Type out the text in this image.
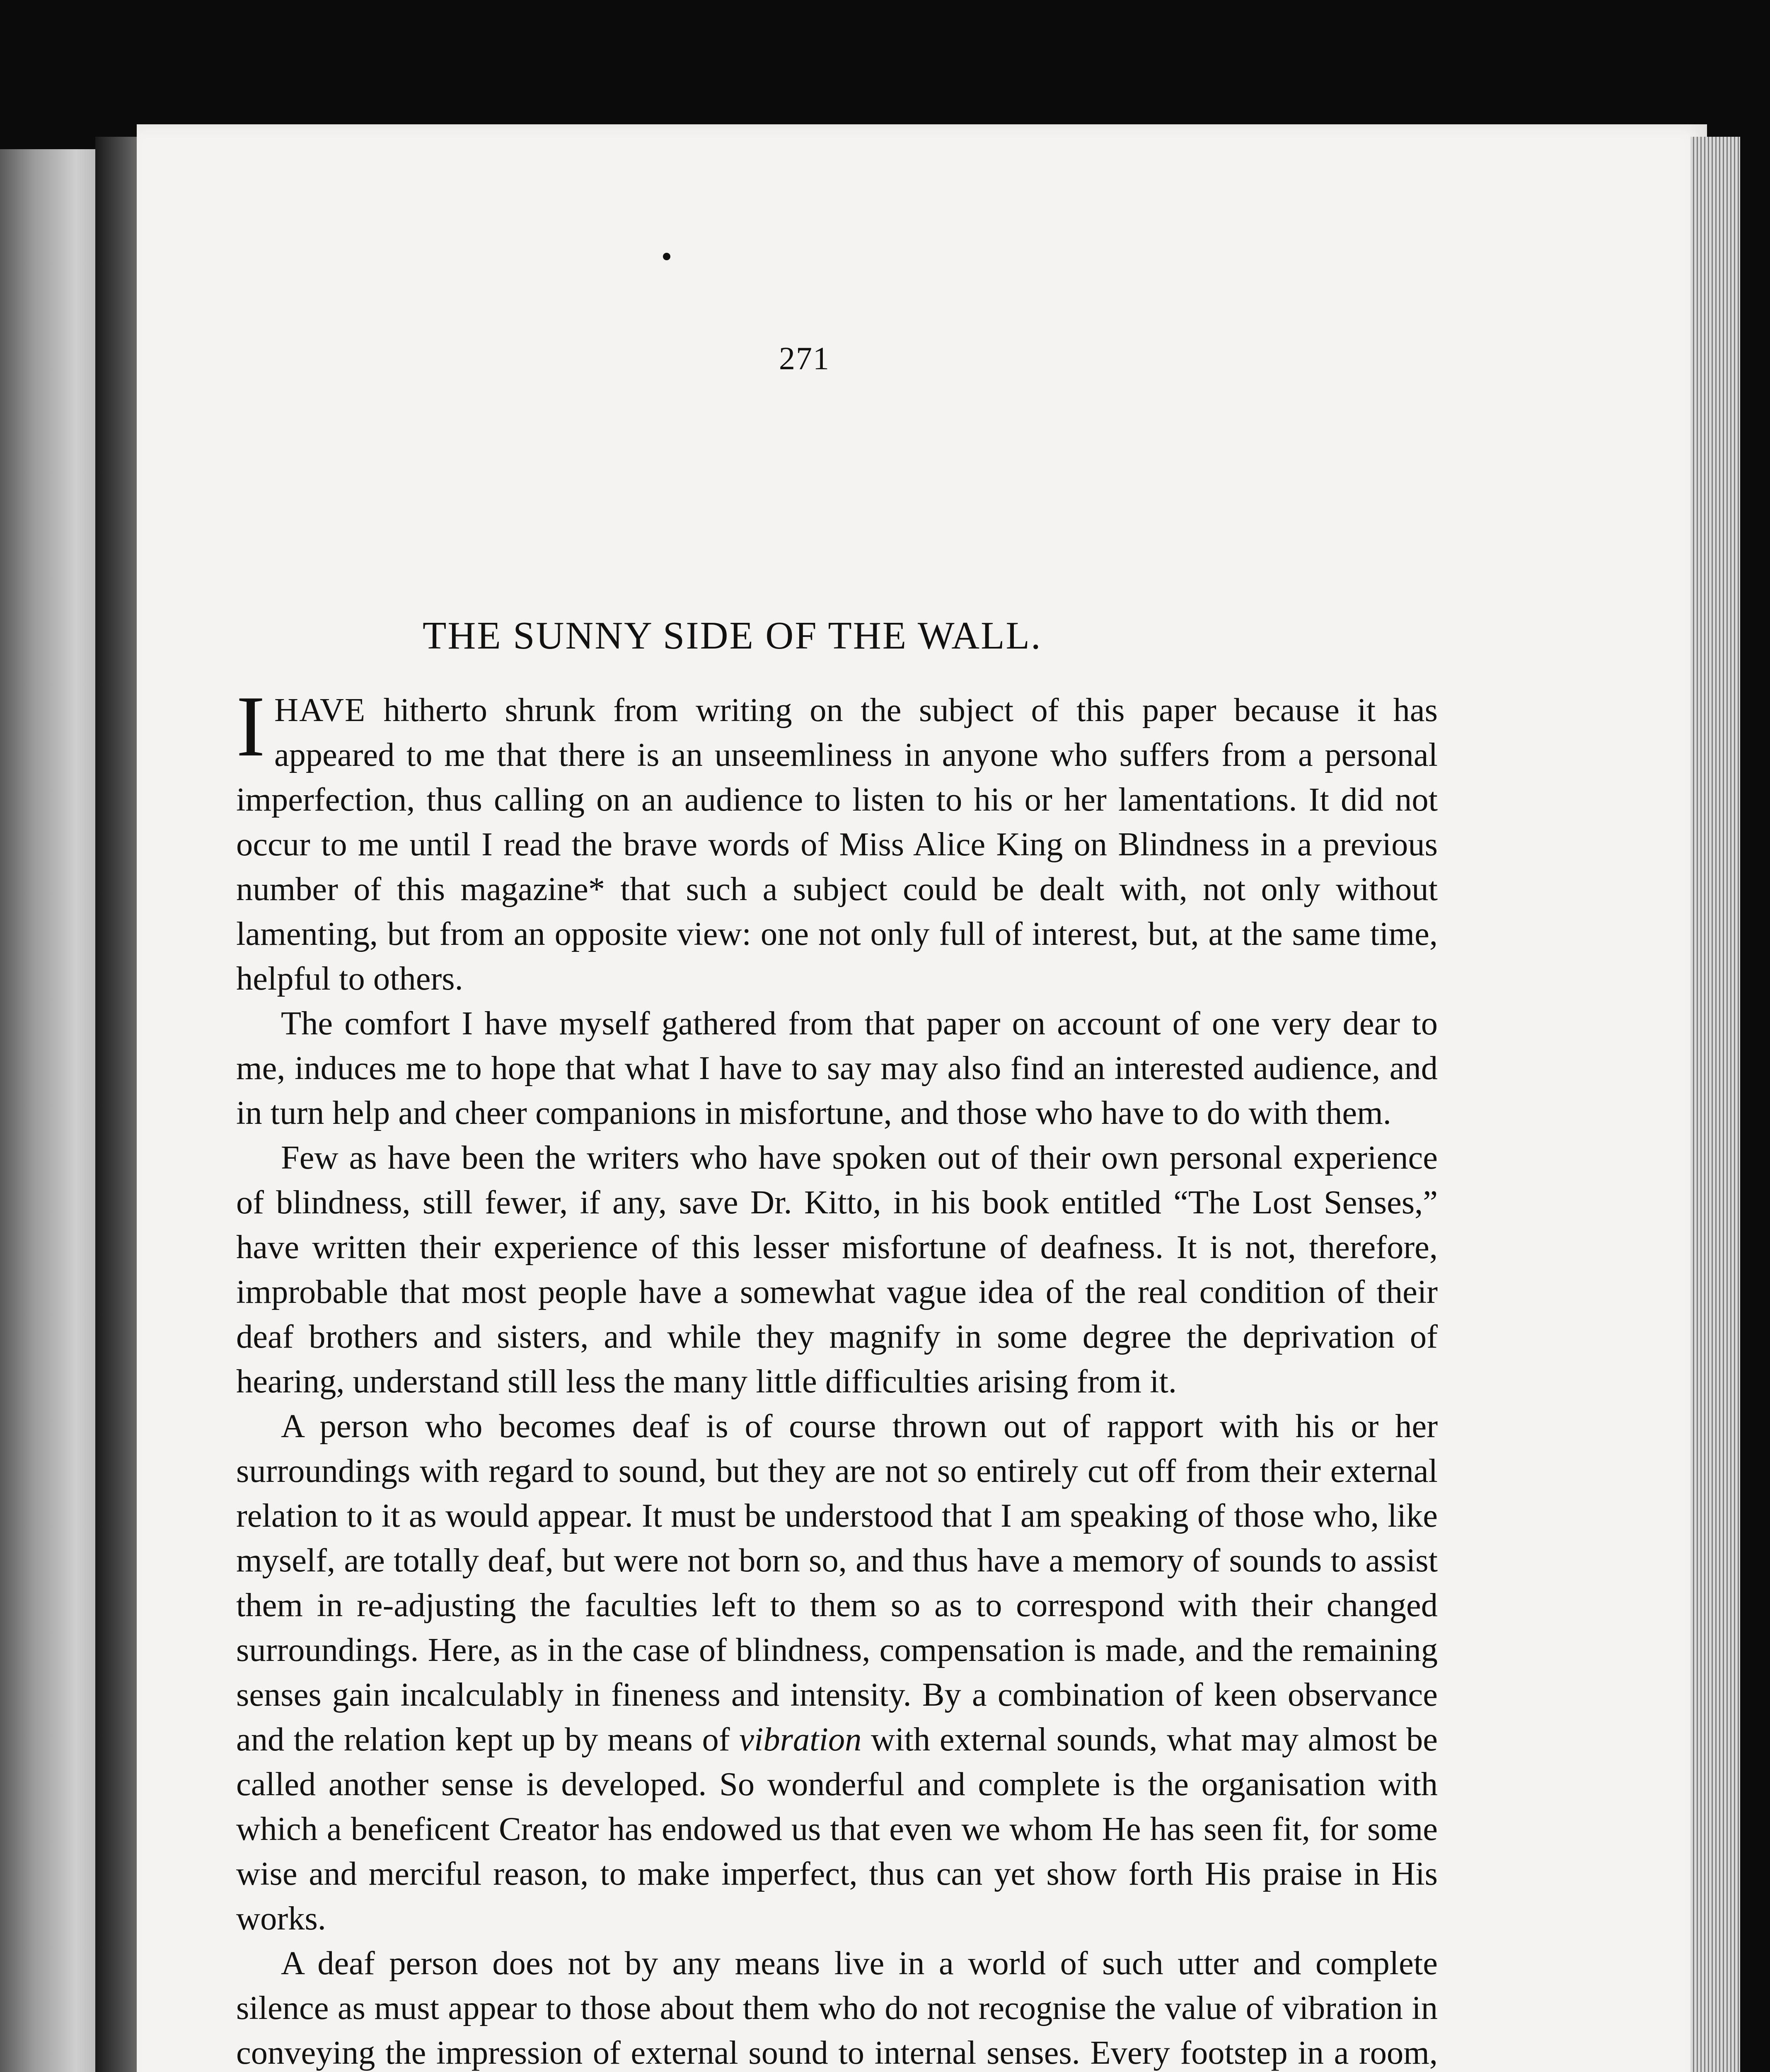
271
THE SUNNY SIDE OF THE WALL.

IHAVE hitherto shrunk from writing on the subject of this paper because it has appeared to me that there is an unseemliness in anyone who suffers from a personal imperfection, thus calling on an audience to listen to his or her lamentations. It did not occur to me until I read the brave words of Miss Alice King on Blindness in a previous number of this magazine* that such a subject could be dealt with, not only without lamenting, but from an opposite view: one not only full of interest, but, at the same time, helpful to others.

The comfort I have myself gathered from that paper on account of one very dear to me, induces me to hope that what I have to say may also find an interested audience, and in turn help and cheer companions in misfortune, and those who have to do with them.

Few as have been the writers who have spoken out of their own personal experience of blindness, still fewer, if any, save Dr. Kitto, in his book entitled “The Lost Senses,” have written their experience of this lesser misfortune of deafness. It is not, therefore, improbable that most people have a somewhat vague idea of the real condition of their deaf brothers and sisters, and while they magnify in some degree the deprivation of hearing, understand still less the many little difficulties arising from it.

A person who becomes deaf is of course thrown out of rapport with his or her surroundings with regard to sound, but they are not so entirely cut off from their external relation to it as would appear. It must be understood that I am speaking of those who, like myself, are totally deaf, but were not born so, and thus have a memory of sounds to assist them in re-adjusting the faculties left to them so as to correspond with their changed surroundings. Here, as in the case of blindness, compensation is made, and the remaining senses gain incalculably in fineness and intensity. By a combination of keen observance and the relation kept up by means of vibration with external sounds, what may almost be called another sense is developed. So wonderful and complete is the organisation with which a beneficent Creator has endowed us that even we whom He has seen fit, for some wise and merciful reason, to make imperfect, thus can yet show forth His praise in His works.

A deaf person does not by any means live in a world of such utter and complete silence as must appear to those about them who do not recognise the value of vibration in conveying the impression of external sound to internal senses. Every footstep in a room,
